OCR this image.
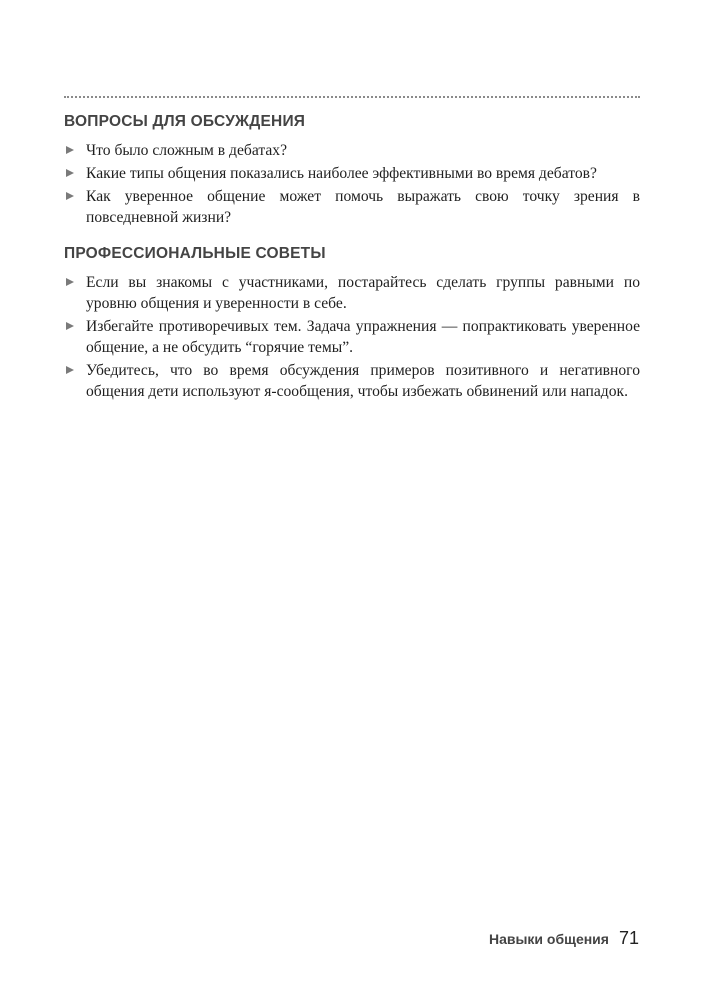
ВОПРОСЫ ДЛЯ ОБСУЖДЕНИЯ
Что было сложным в дебатах?
Какие типы общения показались наиболее эффективными во время дебатов?
Как уверенное общение может помочь выражать свою точку зрения в повседневной жизни?
ПРОФЕССИОНАЛЬНЫЕ СОВЕТЫ
Если вы знакомы с участниками, постарайтесь сделать группы равными по уровню общения и уверенности в себе.
Избегайте противоречивых тем. Задача упражнения — попрактиковать уверенное общение, а не обсудить “горячие темы”.
Убедитесь, что во время обсуждения примеров позитивного и негативного общения дети используют я-сообщения, чтобы избежать обвинений или нападок.
Навыки общения 71
